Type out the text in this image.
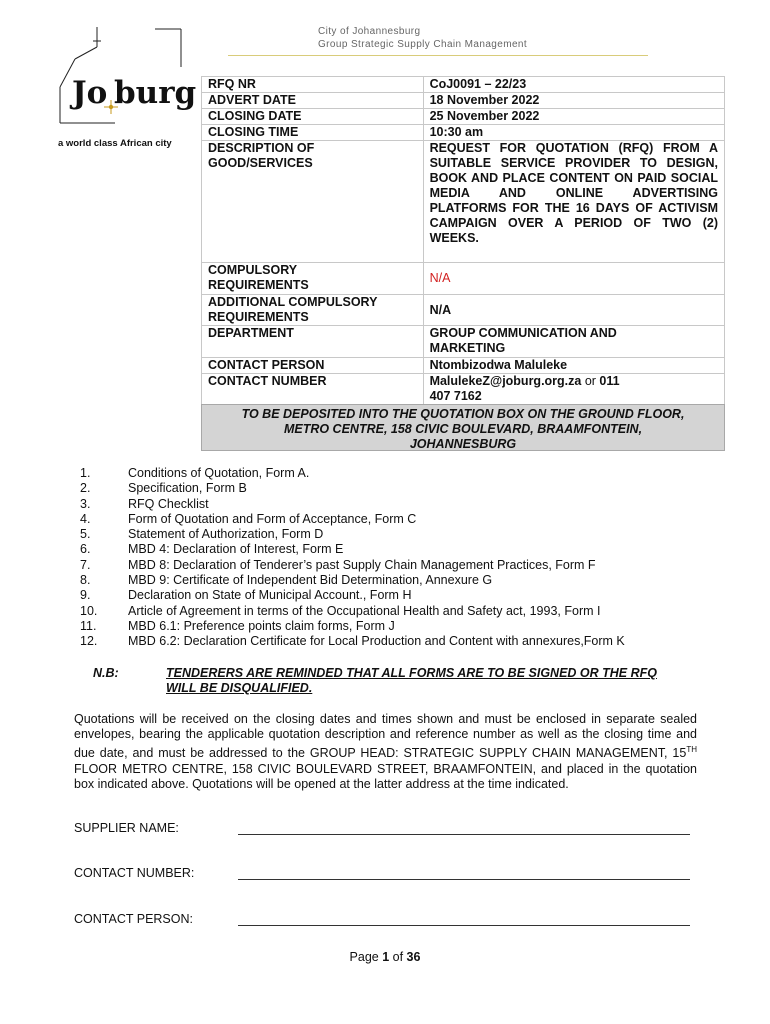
City of Johannesburg
Group Strategic Supply Chain Management
Jo burg
a world class African city
RFQ NR	CoJ0091 – 22/23
ADVERT DATE	18 November 2022
CLOSING DATE	25 November 2022
CLOSING TIME	10:30 am

DESCRIPTION OF
GOOD/SERVICES	REQUEST FOR QUOTATION (RFQ) FROM A SUITABLE SERVICE PROVIDER TO DESIGN, BOOK AND PLACE CONTENT ON PAID SOCIAL MEDIA AND ONLINE ADVERTISING PLATFORMS FOR THE 16 DAYS OF ACTIVISM CAMPAIGN OVER A PERIOD OF TWO (2) WEEKS.

COMPULSORY
REQUIREMENTS	N/A

ADDITIONAL COMPULSORY
REQUIREMENTS	N/A
DEPARTMENT	GROUP COMMUNICATION AND
MARKETING

CONTACT PERSON	Ntombizodwa Maluleke
CONTACT NUMBER	MalulekeZ@joburg.org.za or 011
407 7162
TO BE DEPOSITED INTO THE QUOTATION BOX ON THE GROUND FLOOR, METRO CENTRE, 158 CIVIC BOULEVARD, BRAAMFONTEIN, JOHANNESBURG
1.	Conditions of Quotation, Form A.
2.	Specification, Form B
3.	RFQ Checklist
4.	Form of Quotation and Form of Acceptance, Form C
5.	Statement of Authorization, Form D
6.	MBD 4: Declaration of Interest, Form E
7.	MBD 8: Declaration of Tenderer’s past Supply Chain Management Practices, Form F
8.	MBD 9: Certificate of Independent Bid Determination, Annexure G
9.	Declaration on State of Municipal Account., Form H
10.	Article of Agreement in terms of the Occupational Health and Safety act, 1993, Form I
11.	MBD 6.1: Preference points claim forms, Form J
12.	MBD 6.2: Declaration Certificate for Local Production and Content with annexures,Form K
N.B:	TENDERERS ARE REMINDED THAT ALL FORMS ARE TO BE SIGNED OR THE RFQ WILL BE DISQUALIFIED.
Quotations will be received on the closing dates and times shown and must be enclosed in separate sealed envelopes, bearing the applicable quotation description and reference number as well as the closing time and due date, and must be addressed to the GROUP HEAD: STRATEGIC SUPPLY CHAIN MANAGEMENT, 15TH FLOOR METRO CENTRE, 158 CIVIC BOULEVARD STREET, BRAAMFONTEIN, and placed in the quotation box indicated above. Quotations will be opened at the latter address at the time indicated.
SUPPLIER NAME:
CONTACT NUMBER:
CONTACT PERSON:
Page 1 of 36
